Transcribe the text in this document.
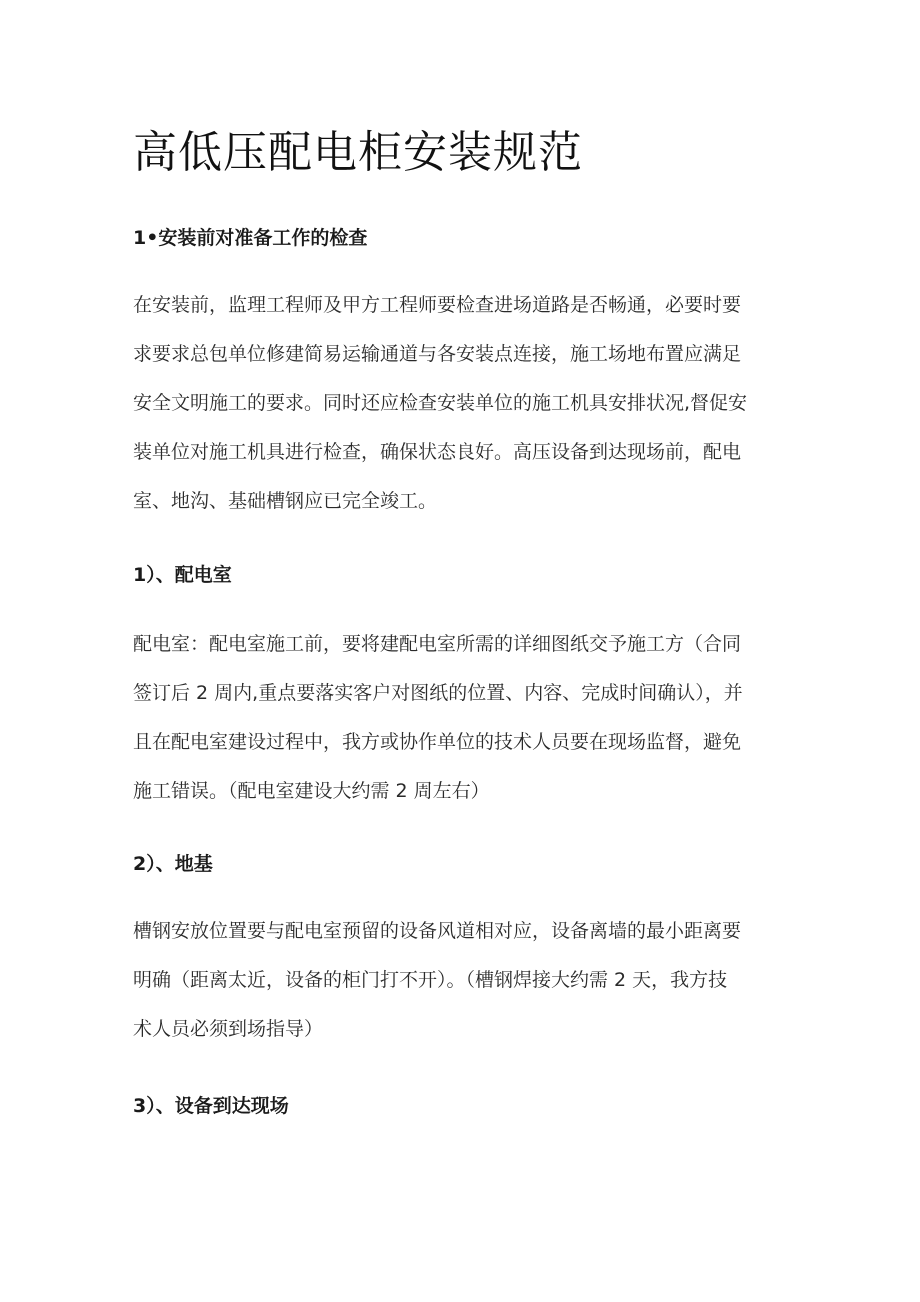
高低压配电柜安装规范
1•安装前对准备工作的检查
在安装前，监理工程师及甲方工程师要检查进场道路是否畅通，必要时要
求要求总包单位修建简易运输通道与各安装点连接，施工场地布置应满足
安全文明施工的要求。同时还应检查安装单位的施工机具安排状况,督促安
装单位对施工机具进行检查，确保状态良好。高压设备到达现场前，配电
室、地沟、基础槽钢应已完全竣工。
1）、配电室
配电室：配电室施工前，要将建配电室所需的详细图纸交予施工方（合同
签订后 2 周内,重点要落实客户对图纸的位置、内容、完成时间确认），并
且在配电室建设过程中，我方或协作单位的技术人员要在现场监督，避免
施工错误。（配电室建设大约需 2 周左右）
2）、地基
槽钢安放位置要与配电室预留的设备风道相对应，设备离墙的最小距离要
明确（距离太近，设备的柜门打不开）。（槽钢焊接大约需 2 天，我方技
术人员必须到场指导）
3）、设备到达现场
